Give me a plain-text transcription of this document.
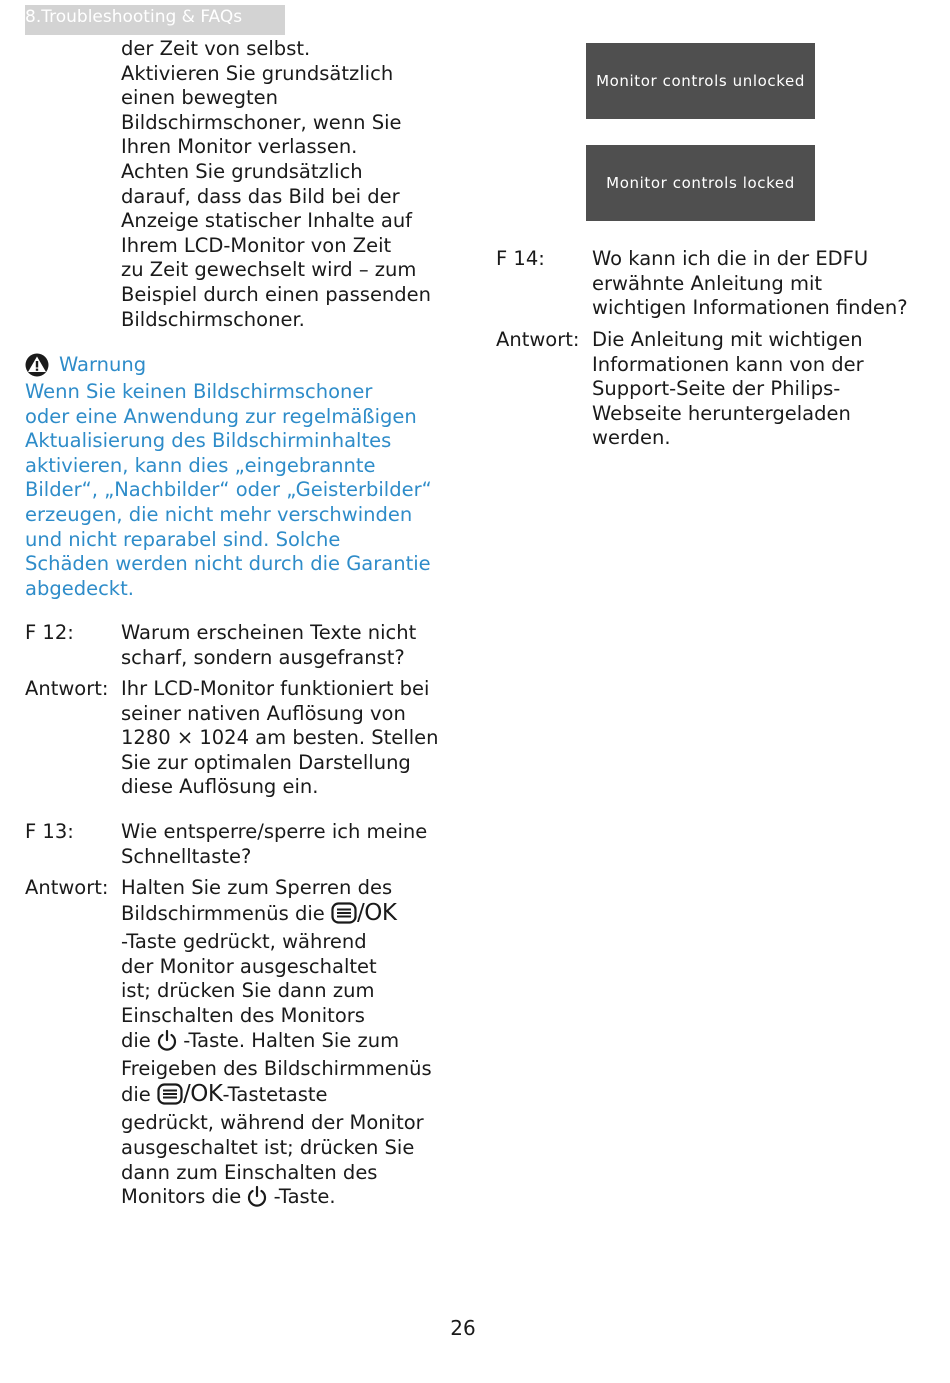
8.Troubleshooting & FAQs
der Zeit von selbst.
Aktivieren Sie grundsätzlich
einen bewegten
Bildschirmschoner, wenn Sie
Ihren Monitor verlassen.
Achten Sie grundsätzlich
darauf, dass das Bild bei der
Anzeige statischer Inhalte auf
Ihrem LCD-Monitor von Zeit
zu Zeit gewechselt wird – zum
Beispiel durch einen passenden
Bildschirmschoner.
Warnung
Wenn Sie keinen Bildschirmschoner
oder eine Anwendung zur regelmäßigen
Aktualisierung des Bildschirminhaltes
aktivieren, kann dies „eingebrannte
Bilder“, „Nachbilder“ oder „Geisterbilder“
erzeugen, die nicht mehr verschwinden
und nicht reparabel sind. Solche
Schäden werden nicht durch die Garantie
abgedeckt.
F 12:	Warum erscheinen Texte nicht
scharf, sondern ausgefranst?
Antwort: Ihr LCD-Monitor funktioniert bei
seiner nativen Auflösung von
1280 × 1024 am besten. Stellen
Sie zur optimalen Darstellung
diese Auflösung ein.
F 13:	Wie entsperre/sperre ich meine
Schnelltaste?
Antwort: Halten Sie zum Sperren des
Bildschirmmenüs die /OK
-Taste gedrückt, während
der Monitor ausgeschaltet
ist; drücken Sie dann zum
Einschalten des Monitors
die  -Taste. Halten Sie zum
Freigeben des Bildschirmmenüs
die /OK-Tastetaste
gedrückt, während der Monitor
ausgeschaltet ist; drücken Sie
dann zum Einschalten des
Monitors die  -Taste.
Monitor controls unlocked
Monitor controls locked
F 14:	Wo kann ich die in der EDFU
erwähnte Anleitung mit
wichtigen Informationen finden?
Antwort: Die Anleitung mit wichtigen
Informationen kann von der
Support-Seite der Philips-
Webseite heruntergeladen
werden.
26
